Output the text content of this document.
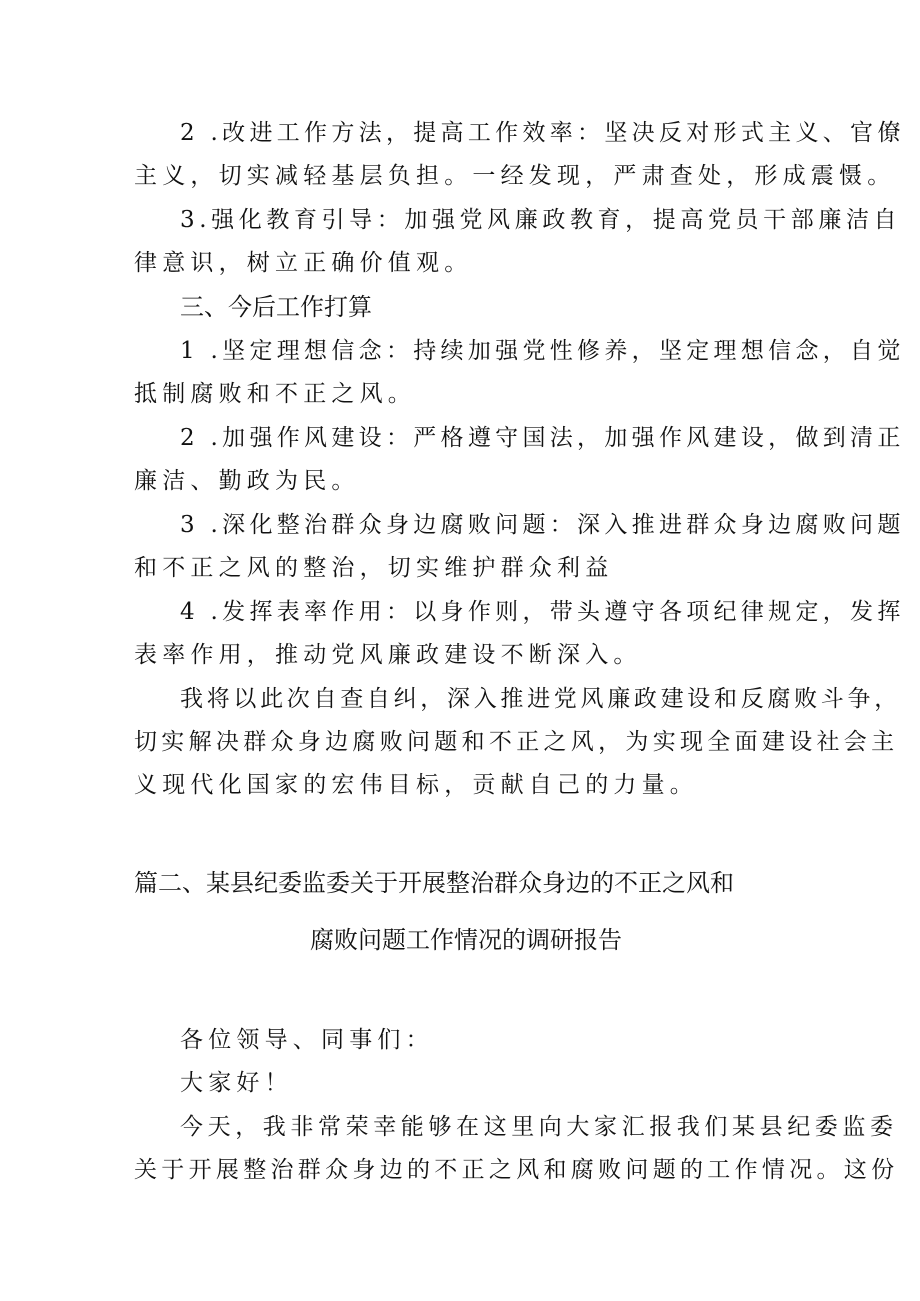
2 .改进工作方法，提高工作效率：坚决反对形式主义、官僚
主义，切实减轻基层负担。一经发现，严肃查处，形成震慑。
3.强化教育引导：加强党风廉政教育，提高党员干部廉洁自
律意识，树立正确价值观。
三、今后工作打算
1 .坚定理想信念：持续加强党性修养，坚定理想信念，自觉
抵制腐败和不正之风。
2 .加强作风建设：严格遵守国法，加强作风建设，做到清正
廉洁、勤政为民。
3 .深化整治群众身边腐败问题：深入推进群众身边腐败问题
和不正之风的整治，切实维护群众利益
4 .发挥表率作用：以身作则，带头遵守各项纪律规定，发挥
表率作用，推动党风廉政建设不断深入。
我将以此次自查自纠，深入推进党风廉政建设和反腐败斗争，
切实解决群众身边腐败问题和不正之风，为实现全面建设社会主
义现代化国家的宏伟目标，贡献自己的力量。
篇二、某县纪委监委关于开展整治群众身边的不正之风和
腐败问题工作情况的调研报告
各位领导、同事们：
大家好！
今天，我非常荣幸能够在这里向大家汇报我们某县纪委监委
关于开展整治群众身边的不正之风和腐败问题的工作情况。这份
